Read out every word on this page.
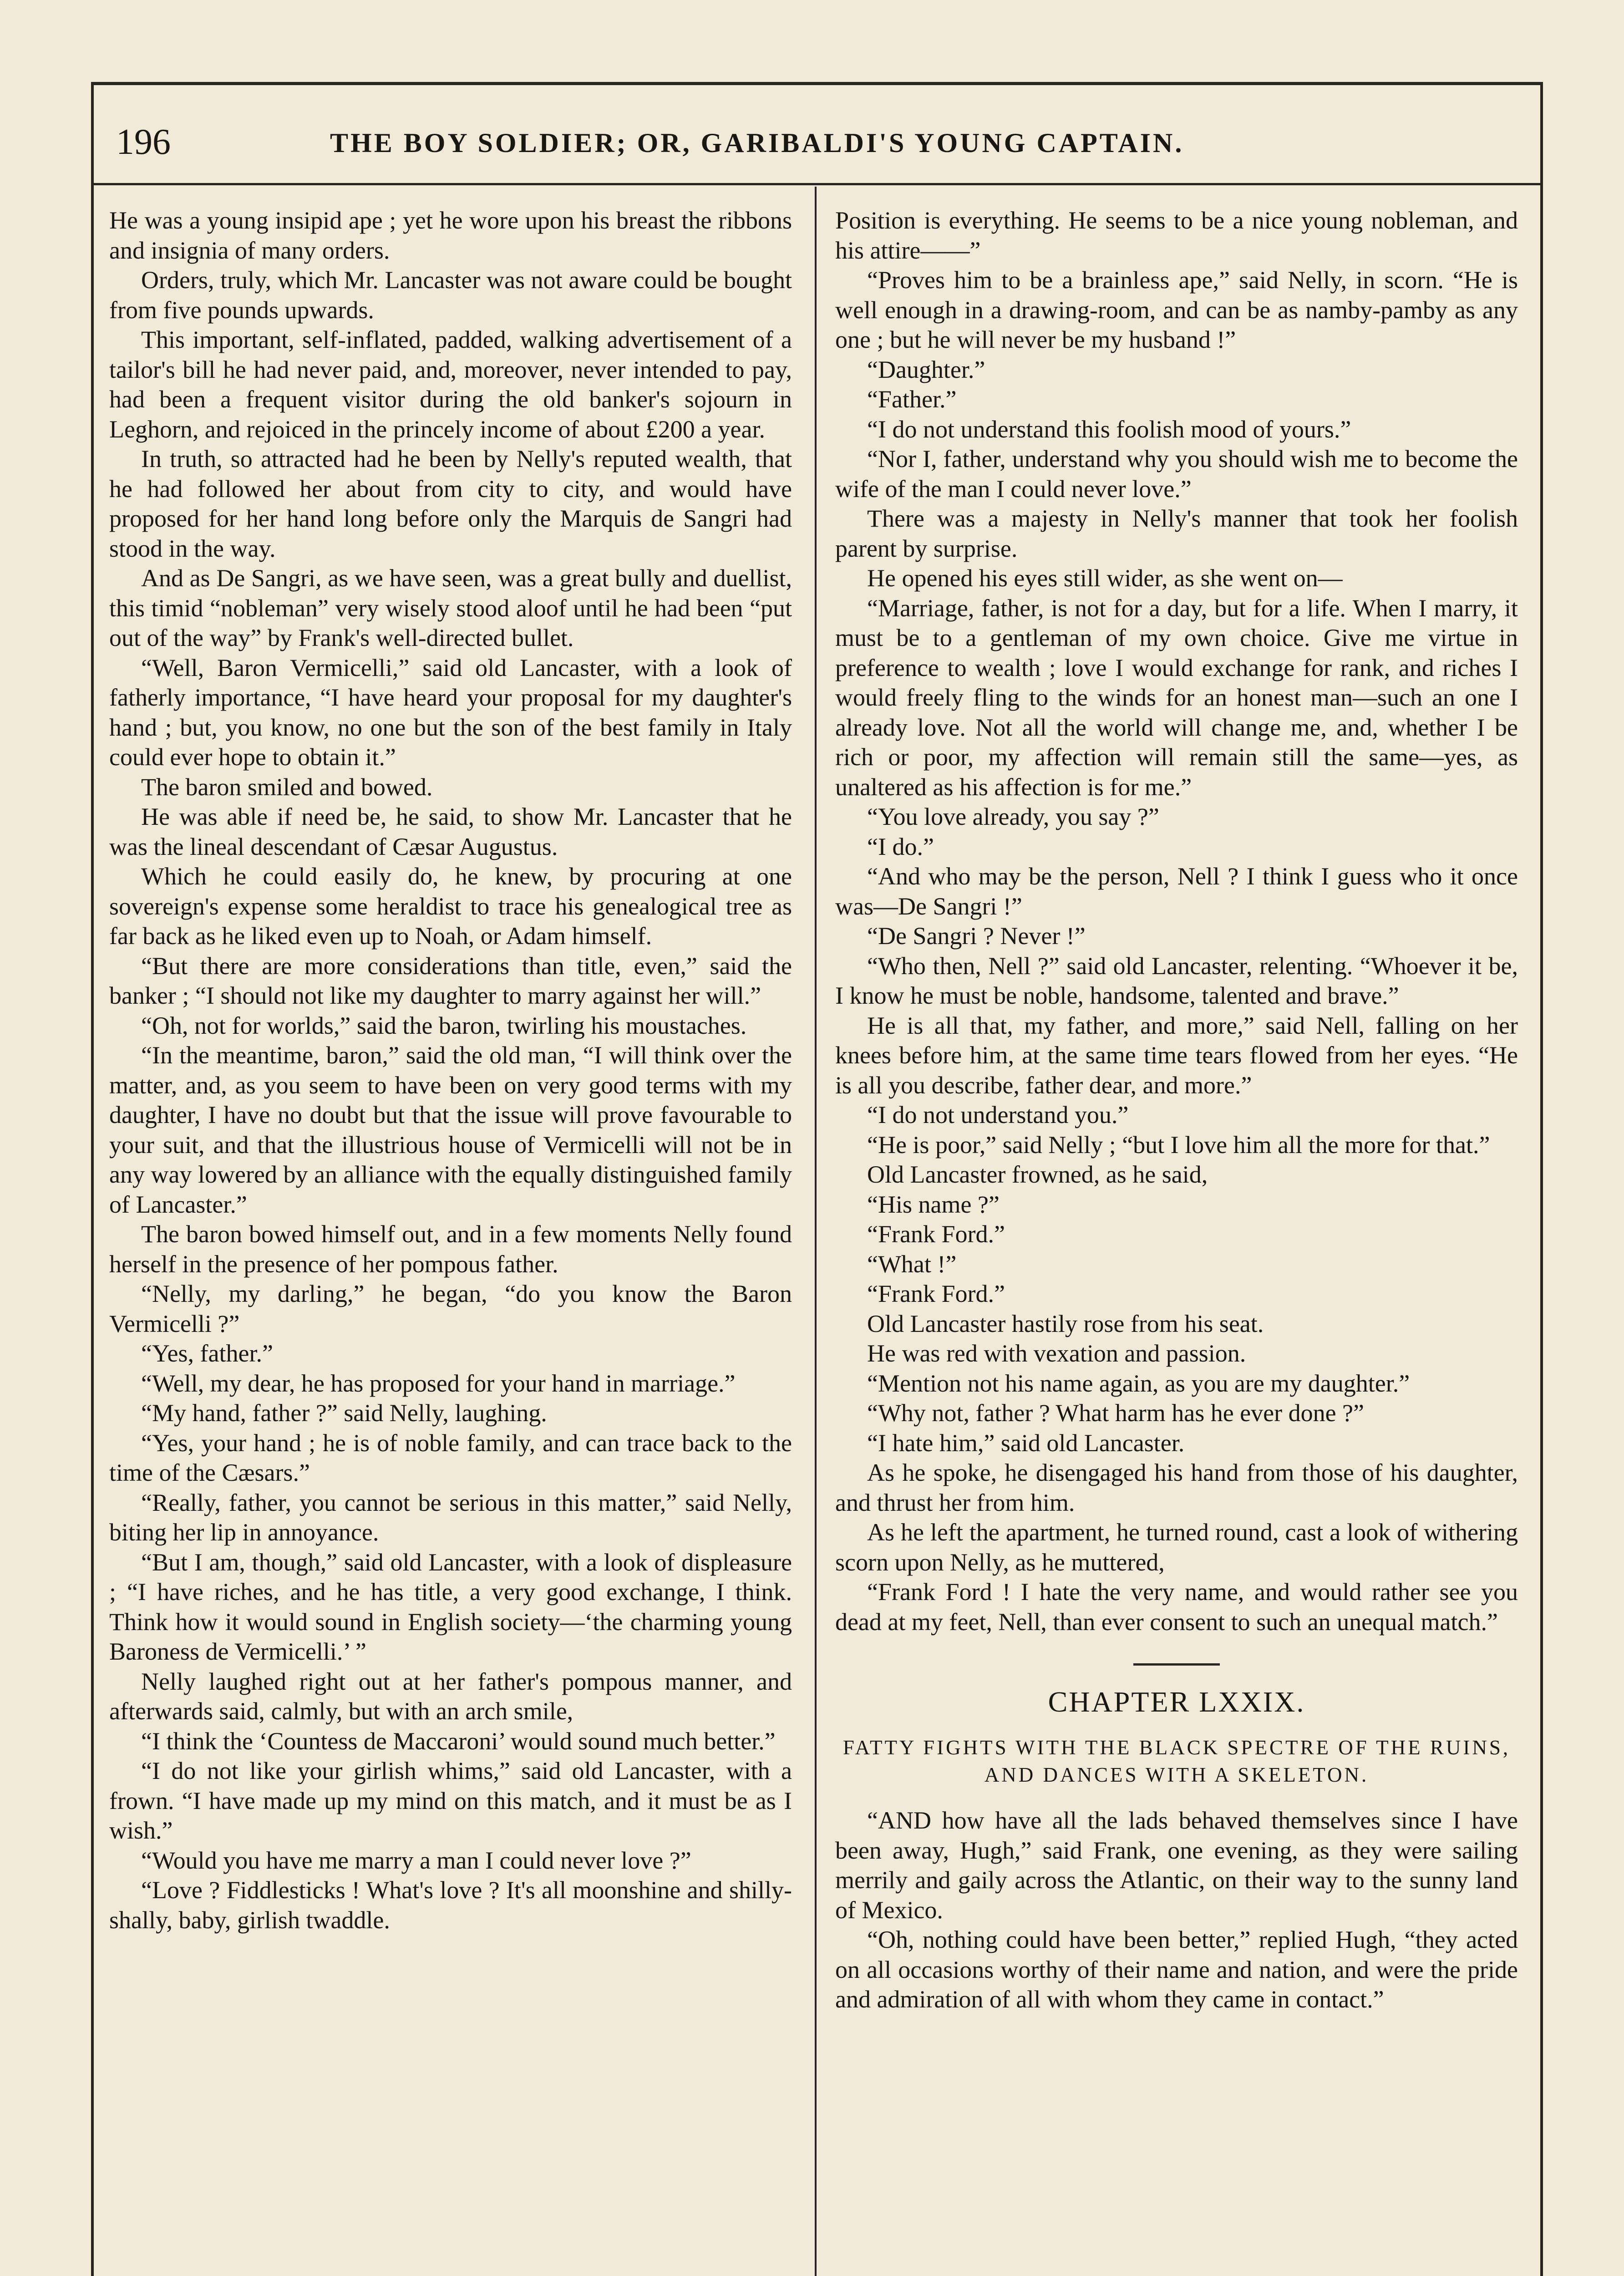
196	THE BOY SOLDIER; OR, GARIBALDI'S YOUNG CAPTAIN.

He was a young insipid ape ; yet he wore upon his breast the ribbons and insignia of many orders.

Orders, truly, which Mr. Lancaster was not aware could be bought from five pounds upwards.

This important, self-inflated, padded, walking advertisement of a tailor's bill he had never paid, and, moreover, never intended to pay, had been a frequent visitor during the old banker's sojourn in Leghorn, and rejoiced in the princely income of about £200 a year.

In truth, so attracted had he been by Nelly's reputed wealth, that he had followed her about from city to city, and would have proposed for her hand long before only the Marquis de Sangri had stood in the way.

And as De Sangri, as we have seen, was a great bully and duellist, this timid “nobleman” very wisely stood aloof until he had been “put out of the way” by Frank's well-directed bullet.

“Well, Baron Vermicelli,” said old Lancaster, with a look of fatherly importance, “I have heard your proposal for my daughter's hand ; but, you know, no one but the son of the best family in Italy could ever hope to obtain it.”

The baron smiled and bowed.

He was able if need be, he said, to show Mr. Lancaster that he was the lineal descendant of Cæsar Augustus.

Which he could easily do, he knew, by procuring at one sovereign's expense some heraldist to trace his genealogical tree as far back as he liked even up to Noah, or Adam himself.

“But there are more considerations than title, even,” said the banker ; “I should not like my daughter to marry against her will.”

“Oh, not for worlds,” said the baron, twirling his moustaches.

“In the meantime, baron,” said the old man, “I will think over the matter, and, as you seem to have been on very good terms with my daughter, I have no doubt but that the issue will prove favourable to your suit, and that the illustrious house of Vermicelli will not be in any way lowered by an alliance with the equally distinguished family of Lancaster.”

The baron bowed himself out, and in a few moments Nelly found herself in the presence of her pompous father.

“Nelly, my darling,” he began, “do you know the Baron Vermicelli ?”

“Yes, father.”

“Well, my dear, he has proposed for your hand in marriage.”

“My hand, father ?” said Nelly, laughing.

“Yes, your hand ; he is of noble family, and can trace back to the time of the Cæsars.”

“Really, father, you cannot be serious in this matter,” said Nelly, biting her lip in annoyance.

“But I am, though,” said old Lancaster, with a look of displeasure ; “I have riches, and he has title, a very good exchange, I think. Think how it would sound in English society—‘the charming young Baroness de Vermicelli.’ ”

Nelly laughed right out at her father's pompous manner, and afterwards said, calmly, but with an arch smile,

“I think the ‘Countess de Maccaroni’ would sound much better.”

“I do not like your girlish whims,” said old Lancaster, with a frown. “I have made up my mind on this match, and it must be as I wish.”

“Would you have me marry a man I could never love ?”

“Love ? Fiddlesticks ! What's love ? It's all moonshine and shilly-shally, baby, girlish twaddle.

Position is everything. He seems to be a nice young nobleman, and his attire——”

“Proves him to be a brainless ape,” said Nelly, in scorn. “He is well enough in a drawing-room, and can be as namby-pamby as any one ; but he will never be my husband !”

“Daughter.”

“Father.”

“I do not understand this foolish mood of yours.”

“Nor I, father, understand why you should wish me to become the wife of the man I could never love.”

There was a majesty in Nelly's manner that took her foolish parent by surprise.

He opened his eyes still wider, as she went on—

“Marriage, father, is not for a day, but for a life. When I marry, it must be to a gentleman of my own choice. Give me virtue in preference to wealth ; love I would exchange for rank, and riches I would freely fling to the winds for an honest man—such an one I already love. Not all the world will change me, and, whether I be rich or poor, my affection will remain still the same—yes, as unaltered as his affection is for me.”

“You love already, you say ?”

“I do.”

“And who may be the person, Nell ? I think I guess who it once was—De Sangri !”

“De Sangri ? Never !”

“Who then, Nell ?” said old Lancaster, relenting. “Whoever it be, I know he must be noble, handsome, talented and brave.”

He is all that, my father, and more,” said Nell, falling on her knees before him, at the same time tears flowed from her eyes. “He is all you describe, father dear, and more.”

“I do not understand you.”

“He is poor,” said Nelly ; “but I love him all the more for that.”

Old Lancaster frowned, as he said,

“His name ?”

“Frank Ford.”

“What !”

“Frank Ford.”

Old Lancaster hastily rose from his seat.

He was red with vexation and passion.

“Mention not his name again, as you are my daughter.”

“Why not, father ? What harm has he ever done ?”

“I hate him,” said old Lancaster.

As he spoke, he disengaged his hand from those of his daughter, and thrust her from him.

As he left the apartment, he turned round, cast a look of withering scorn upon Nelly, as he muttered,

“Frank Ford ! I hate the very name, and would rather see you dead at my feet, Nell, than ever consent to such an unequal match.”

CHAPTER LXXIX.
FATTY FIGHTS WITH THE BLACK SPECTRE OF THE RUINS, AND DANCES WITH A SKELETON.

“AND how have all the lads behaved themselves since I have been away, Hugh,” said Frank, one evening, as they were sailing merrily and gaily across the Atlantic, on their way to the sunny land of Mexico.

“Oh, nothing could have been better,” replied Hugh, “they acted on all occasions worthy of their name and nation, and were the pride and admiration of all with whom they came in contact.”
